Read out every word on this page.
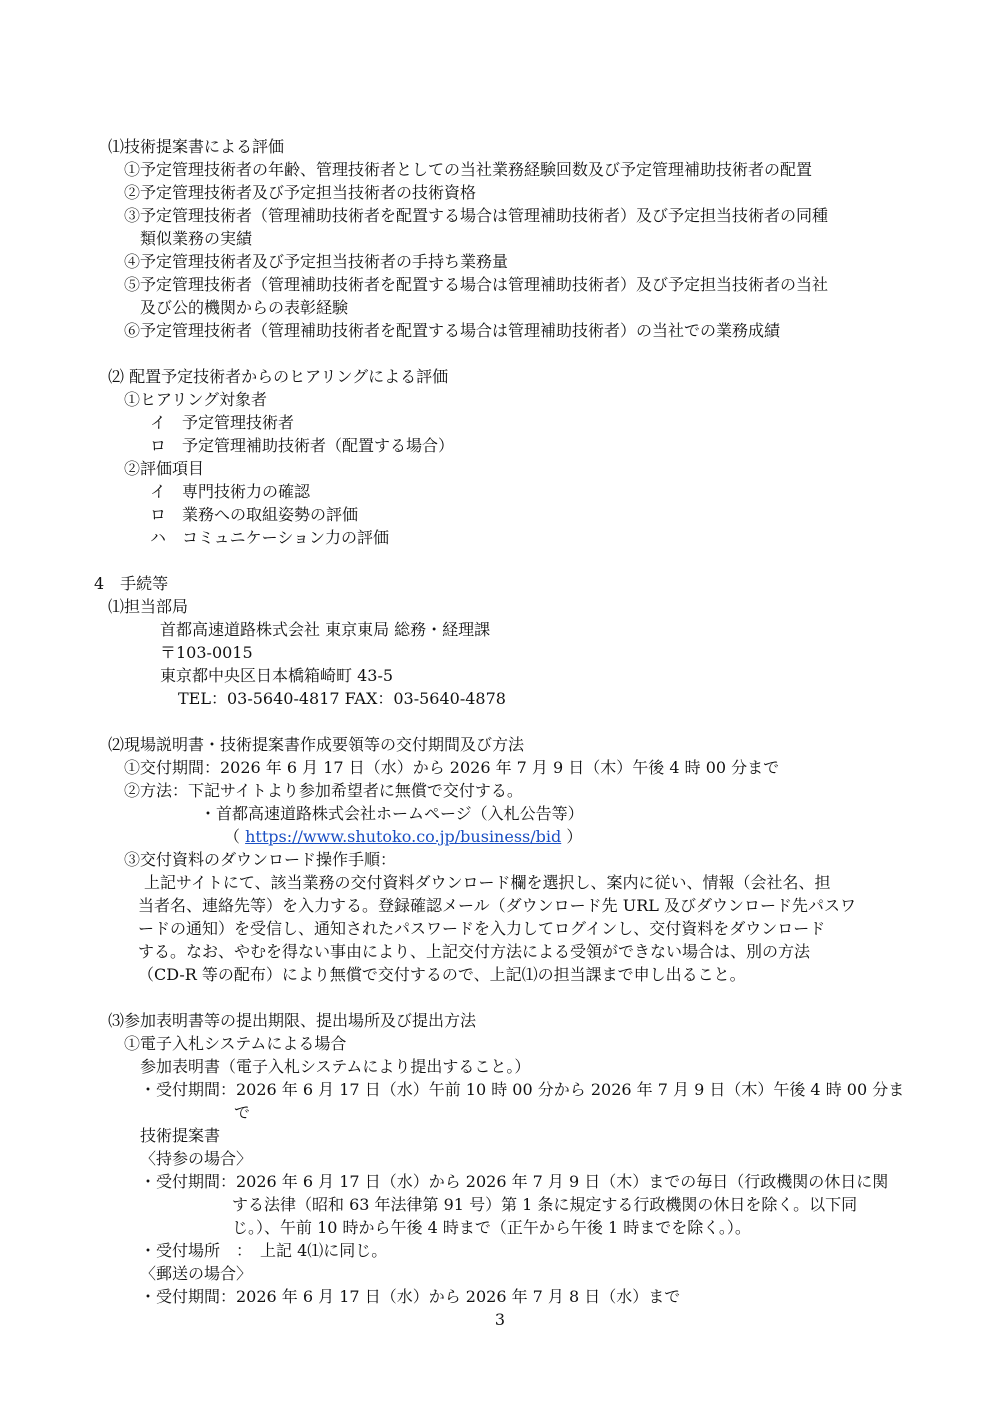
⑴技術提案書による評価
①予定管理技術者の年齢、管理技術者としての当社業務経験回数及び予定管理補助技術者の配置
②予定管理技術者及び予定担当技術者の技術資格
③予定管理技術者（管理補助技術者を配置する場合は管理補助技術者）及び予定担当技術者の同種
類似業務の実績
④予定管理技術者及び予定担当技術者の手持ち業務量
⑤予定管理技術者（管理補助技術者を配置する場合は管理補助技術者）及び予定担当技術者の当社
及び公的機関からの表彰経験
⑥予定管理技術者（管理補助技術者を配置する場合は管理補助技術者）の当社での業務成績
⑵ 配置予定技術者からのヒアリングによる評価
①ヒアリング対象者
イ　予定管理技術者
ロ　予定管理補助技術者（配置する場合）
②評価項目
イ　専門技術力の確認
ロ　業務への取組姿勢の評価
ハ　コミュニケーション力の評価
4　手続等
⑴担当部局
首都高速道路株式会社 東京東局 総務・経理課
〒103-0015
東京都中央区日本橋箱崎町 43-5
TEL：03-5640-4817 FAX：03-5640-4878
⑵現場説明書・技術提案書作成要領等の交付期間及び方法
①交付期間：2026 年 6 月 17 日（水）から 2026 年 7 月 9 日（木）午後 4 時 00 分まで
②方法：下記サイトより参加希望者に無償で交付する。
・首都高速道路株式会社ホームページ（入札公告等）
（ https://www.shutoko.co.jp/business/bid ）
③交付資料のダウンロード操作手順：
上記サイトにて、該当業務の交付資料ダウンロード欄を選択し、案内に従い、情報（会社名、担
当者名、連絡先等）を入力する。登録確認メール（ダウンロード先 URL 及びダウンロード先パスワ
ードの通知）を受信し、通知されたパスワードを入力してログインし、交付資料をダウンロード
する。なお、やむを得ない事由により、上記交付方法による受領ができない場合は、別の方法
（CD-R 等の配布）により無償で交付するので、上記⑴の担当課まで申し出ること。
⑶参加表明書等の提出期限、提出場所及び提出方法
①電子入札システムによる場合
参加表明書（電子入札システムにより提出すること。）
・受付期間：2026 年 6 月 17 日（水）午前 10 時 00 分から 2026 年 7 月 9 日（木）午後 4 時 00 分ま
で
技術提案書
〈持参の場合〉
・受付期間：2026 年 6 月 17 日（水）から 2026 年 7 月 9 日（木）までの毎日（行政機関の休日に関
する法律（昭和 63 年法律第 91 号）第 1 条に規定する行政機関の休日を除く。以下同
じ。）、午前 10 時から午後 4 時まで（正午から午後 1 時までを除く。）。
・受付場所　：　上記 4⑴に同じ。
〈郵送の場合〉
・受付期間：2026 年 6 月 17 日（水）から 2026 年 7 月 8 日（水）まで
3
